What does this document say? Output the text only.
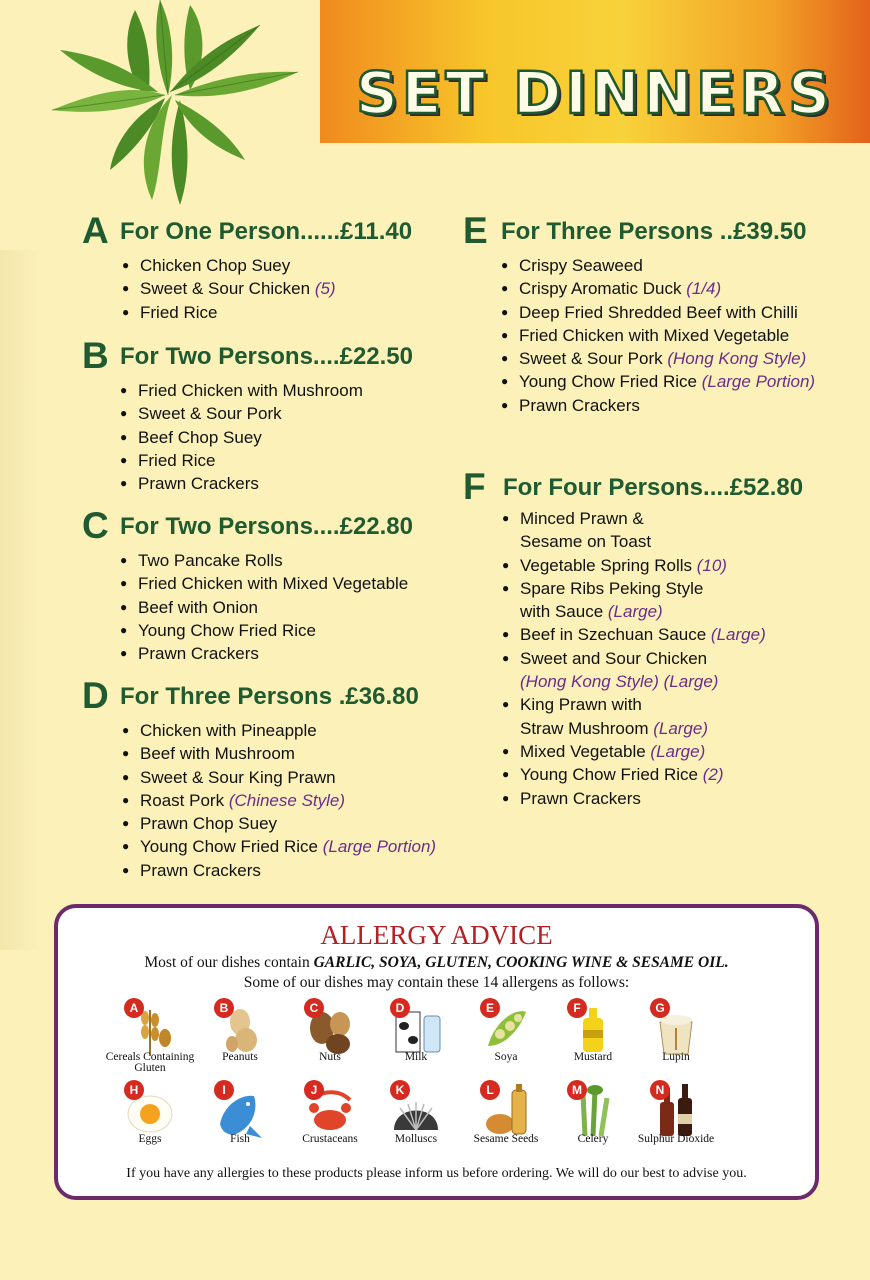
SET DINNERS
A For One Person......£11.40
● Chicken Chop Suey
● Sweet & Sour Chicken (5)
● Fried Rice
B For Two Persons....£22.50
● Fried Chicken with Mushroom
● Sweet & Sour Pork
● Beef Chop Suey
● Fried Rice
● Prawn Crackers
C For Two Persons....£22.80
● Two Pancake Rolls
● Fried Chicken with Mixed Vegetable
● Beef with Onion
● Young Chow Fried Rice
● Prawn Crackers
D For Three Persons .£36.80
● Chicken with Pineapple
● Beef with Mushroom
● Sweet & Sour King Prawn
● Roast Pork (Chinese Style)
● Prawn Chop Suey
● Young Chow Fried Rice (Large Portion)
● Prawn Crackers
E For Three Persons ..£39.50
● Crispy Seaweed
● Crispy Aromatic Duck (1/4)
● Deep Fried Shredded Beef with Chilli
● Fried Chicken with Mixed Vegetable
● Sweet & Sour Pork (Hong Kong Style)
● Young Chow Fried Rice (Large Portion)
● Prawn Crackers
F For Four Persons....£52.80
● Minced Prawn &
Sesame on Toast
● Vegetable Spring Rolls (10)
● Spare Ribs Peking Style
with Sauce (Large)
● Beef in Szechuan Sauce (Large)
● Sweet and Sour Chicken
(Hong Kong Style) (Large)
● King Prawn with
Straw Mushroom (Large)
● Mixed Vegetable (Large)
● Young Chow Fried Rice (2)
● Prawn Crackers
ALLERGY ADVICE
Most of our dishes contain GARLIC, SOYA, GLUTEN, COOKING WINE & SESAME OIL.
Some of our dishes may contain these 14 allergens as follows:
A
Cereals Containing Gluten
B
Peanuts
C
Nuts
D
Milk
E
Soya
F
Mustard
G
Lupin
H
Eggs
I
Fish
J
Crustaceans
K
Molluscs
L
Sesame Seeds
M
Celery
N
Sulphur Dioxide
If you have any allergies to these products please inform us before ordering. We will do our best to advise you.
